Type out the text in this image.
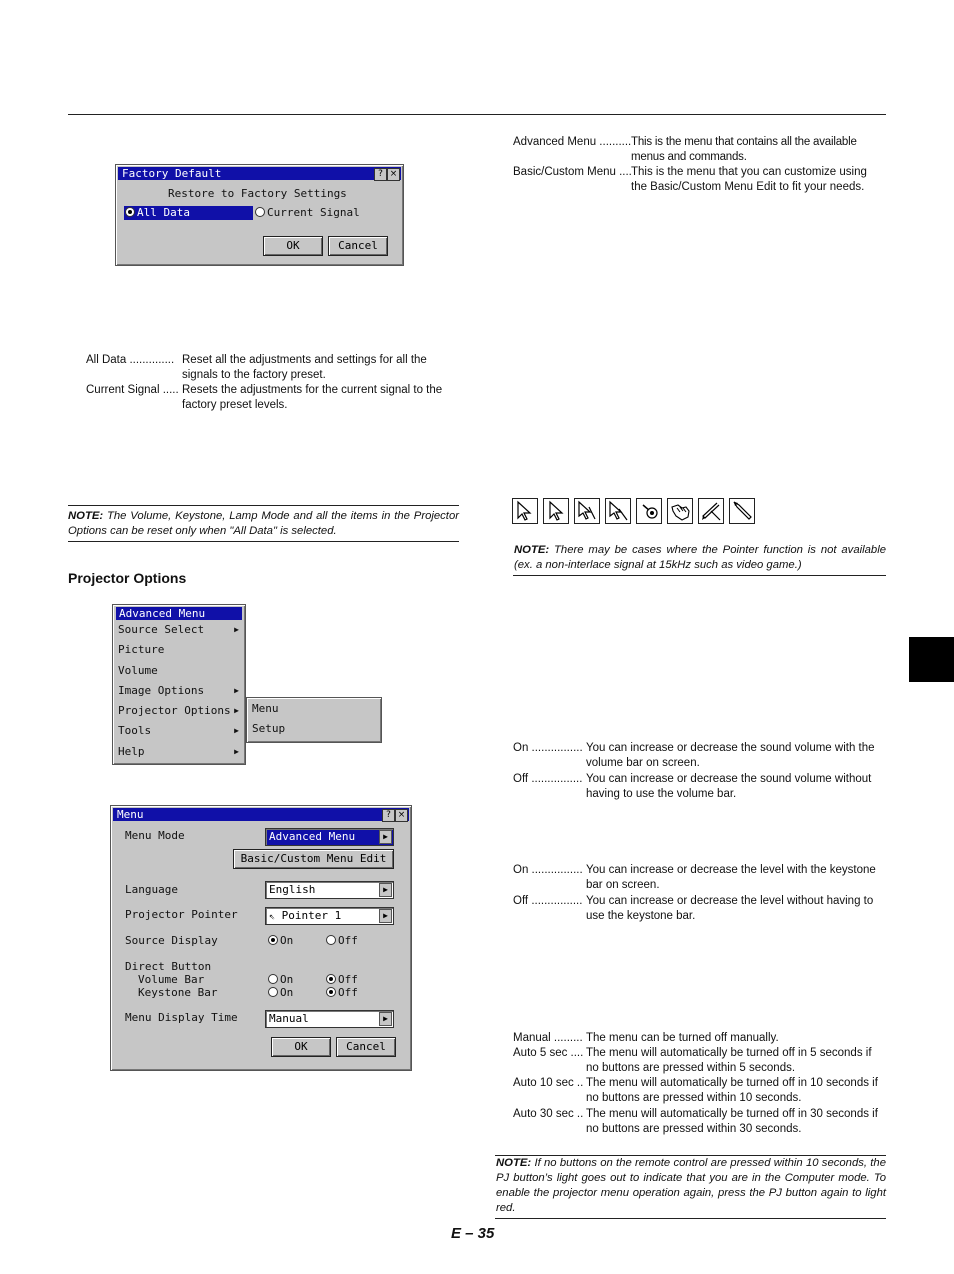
Factory Default	? ×
Restore to Factory Settings
All Data	Current Signal
OK	Cancel
All Data .............. Reset all the adjustments and settings for all the signals to the factory preset.
Current Signal ..... Resets the adjustments for the current signal to the factory preset levels.
NOTE: The Volume, Keystone, Lamp Mode and all the items in the Projector Options can be reset only when "All Data" is selected.
Projector Options
Advanced Menu
Source Select	▶
Picture
Volume
Image Options	▶
Projector Options ▶
Tools	▶
Help	▶
Menu
Setup
Menu	? ×
Menu Mode	Advanced Menu	▶
Basic/Custom Menu Edit
Language	English	▶
Projector Pointer	⇖ Pointer 1	▶
Source Display	On	Off
Direct Button
Volume Bar	On	Off
Keystone Bar	On	Off
Menu Display Time	Manual	▶
OK	Cancel
Advanced Menu .......... This is the menu that contains all the available menus and commands.
Basic/Custom Menu .... This is the menu that you can customize using the Basic/Custom Menu Edit to fit your needs.
NOTE: There may be cases where the Pointer function is not available (ex. a non-interlace signal at 15kHz such as video game.)
On ................ You can increase or decrease the sound volume with the volume bar on screen.
Off ................ You can increase or decrease the sound volume without having to use the volume bar.
On ................ You can increase or decrease the level with the keystone bar on screen.
Off ................ You can increase or decrease the level without having to use the keystone bar.
Manual ......... The menu can be turned off manually.
Auto 5 sec .... The menu will automatically be turned off in 5 seconds if no buttons are pressed within 5 seconds.
Auto 10 sec .. The menu will automatically be turned off in 10 seconds if no buttons are pressed within 10 seconds.
Auto 30 sec .. The menu will automatically be turned off in 30 seconds if no buttons are pressed within 30 seconds.
NOTE: If no buttons on the remote control are pressed within 10 seconds, the PJ button’s light goes out to indicate that you are in the Computer mode. To enable the projector menu operation again, press the PJ button again to light red.
E – 35
